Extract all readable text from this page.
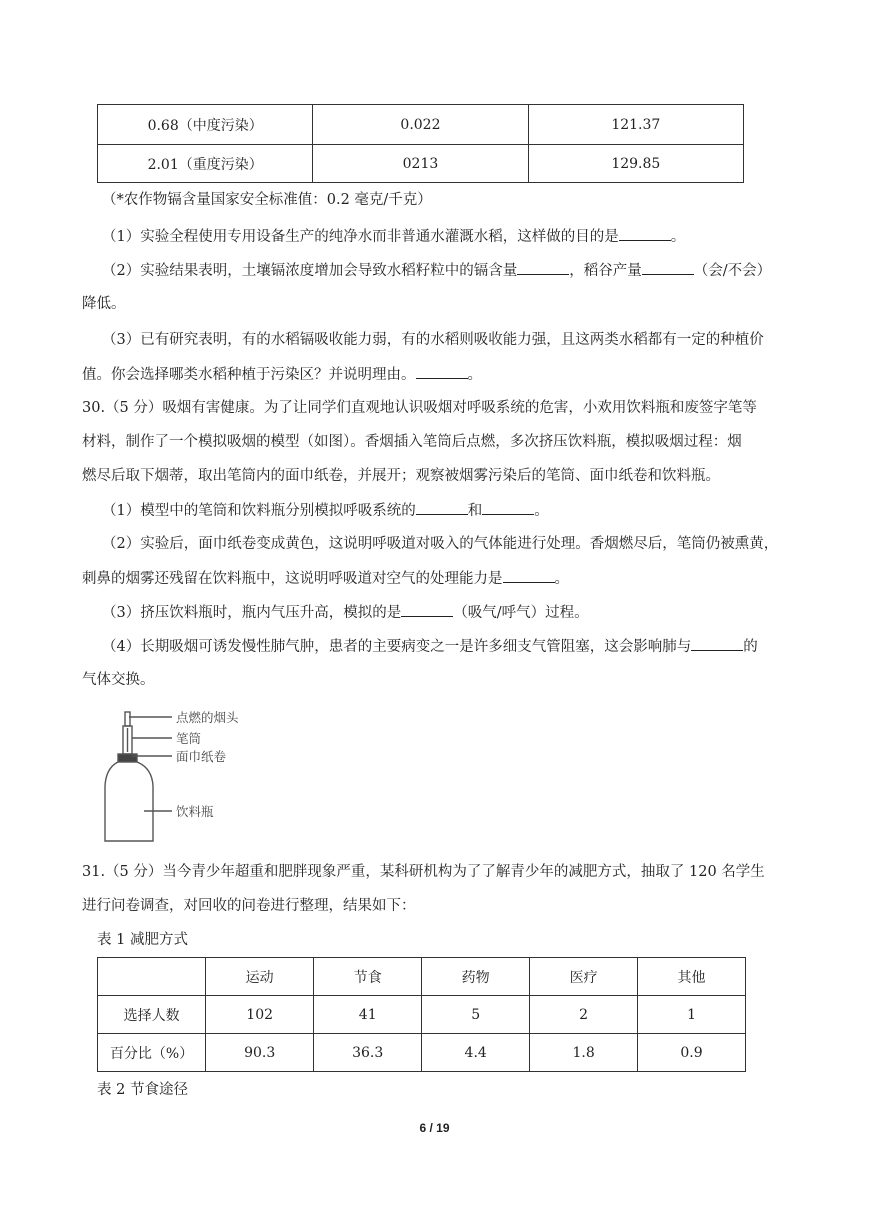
0.68（中度污染）	0.022	121.37
2.01（重度污染）	0213	129.85
（*农作物镉含量国家安全标准值：0.2 毫克/千克）
（1）实验全程使用专用设备生产的纯净水而非普通水灌溉水稻，这样做的目的是	。
（2）实验结果表明，土壤镉浓度增加会导致水稻籽粒中的镉含量	，稻谷产量	（会/不会）
降低。
（3）已有研究表明，有的水稻镉吸收能力弱，有的水稻则吸收能力强，且这两类水稻都有一定的种植价
值。你会选择哪类水稻种植于污染区？并说明理由。	。
30.（5 分）吸烟有害健康。为了让同学们直观地认识吸烟对呼吸系统的危害，小欢用饮料瓶和废签字笔等
材料，制作了一个模拟吸烟的模型（如图）。香烟插入笔筒后点燃，多次挤压饮料瓶，模拟吸烟过程：烟
燃尽后取下烟蒂，取出笔筒内的面巾纸卷，并展开；观察被烟雾污染后的笔筒、面巾纸卷和饮料瓶。
（1）模型中的笔筒和饮料瓶分别模拟呼吸系统的	和	。
（2）实验后，面巾纸卷变成黄色，这说明呼吸道对吸入的气体能进行处理。香烟燃尽后，笔筒仍被熏黄，
刺鼻的烟雾还残留在饮料瓶中，这说明呼吸道对空气的处理能力是	。
（3）挤压饮料瓶时，瓶内气压升高，模拟的是	（吸气/呼气）过程。
（4）长期吸烟可诱发慢性肺气肿，患者的主要病变之一是许多细支气管阻塞，这会影响肺与	的
气体交换。
点燃的烟头
笔筒
面巾纸卷
饮料瓶
31.（5 分）当今青少年超重和肥胖现象严重，某科研机构为了了解青少年的减肥方式，抽取了 120 名学生
进行问卷调查，对回收的问卷进行整理，结果如下：
表 1 减肥方式
	运动	节食	药物	医疗	其他
选择人数	102	41	5	2	1
百分比（%）	90.3	36.3	4.4	1.8	0.9
表 2 节食途径
6 / 19
